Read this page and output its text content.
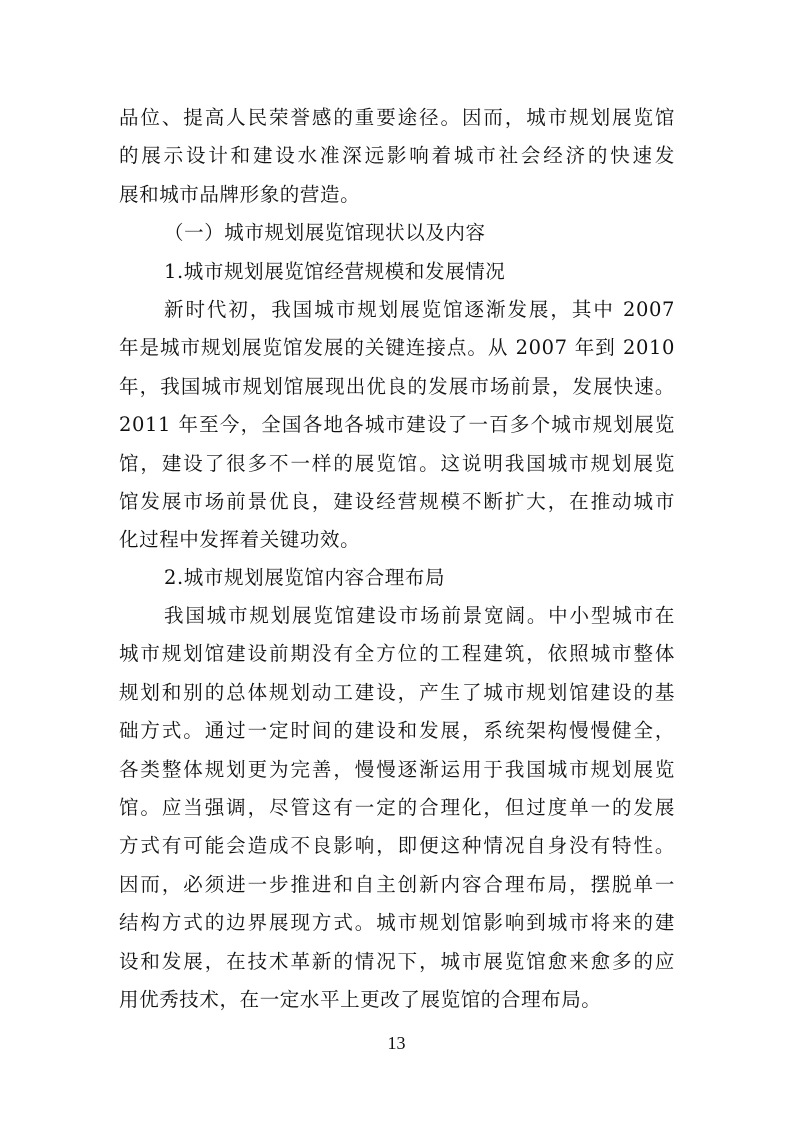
品位、提高人民荣誉感的重要途径。因而，城市规划展览馆
的展示设计和建设水准深远影响着城市社会经济的快速发
展和城市品牌形象的营造。
（一）城市规划展览馆现状以及内容
1.城市规划展览馆经营规模和发展情况
新时代初，我国城市规划展览馆逐渐发展，其中 2007
年是城市规划展览馆发展的关键连接点。从 2007 年到 2010
年，我国城市规划馆展现出优良的发展市场前景，发展快速。
2011 年至今，全国各地各城市建设了一百多个城市规划展览
馆，建设了很多不一样的展览馆。这说明我国城市规划展览
馆发展市场前景优良，建设经营规模不断扩大，在推动城市
化过程中发挥着关键功效。
2.城市规划展览馆内容合理布局
我国城市规划展览馆建设市场前景宽阔。中小型城市在
城市规划馆建设前期没有全方位的工程建筑，依照城市整体
规划和别的总体规划动工建设，产生了城市规划馆建设的基
础方式。通过一定时间的建设和发展，系统架构慢慢健全，
各类整体规划更为完善，慢慢逐渐运用于我国城市规划展览
馆。应当强调，尽管这有一定的合理化，但过度单一的发展
方式有可能会造成不良影响，即便这种情况自身没有特性。
因而，必须进一步推进和自主创新内容合理布局，摆脱单一
结构方式的边界展现方式。城市规划馆影响到城市将来的建
设和发展，在技术革新的情况下，城市展览馆愈来愈多的应
用优秀技术，在一定水平上更改了展览馆的合理布局。
13
